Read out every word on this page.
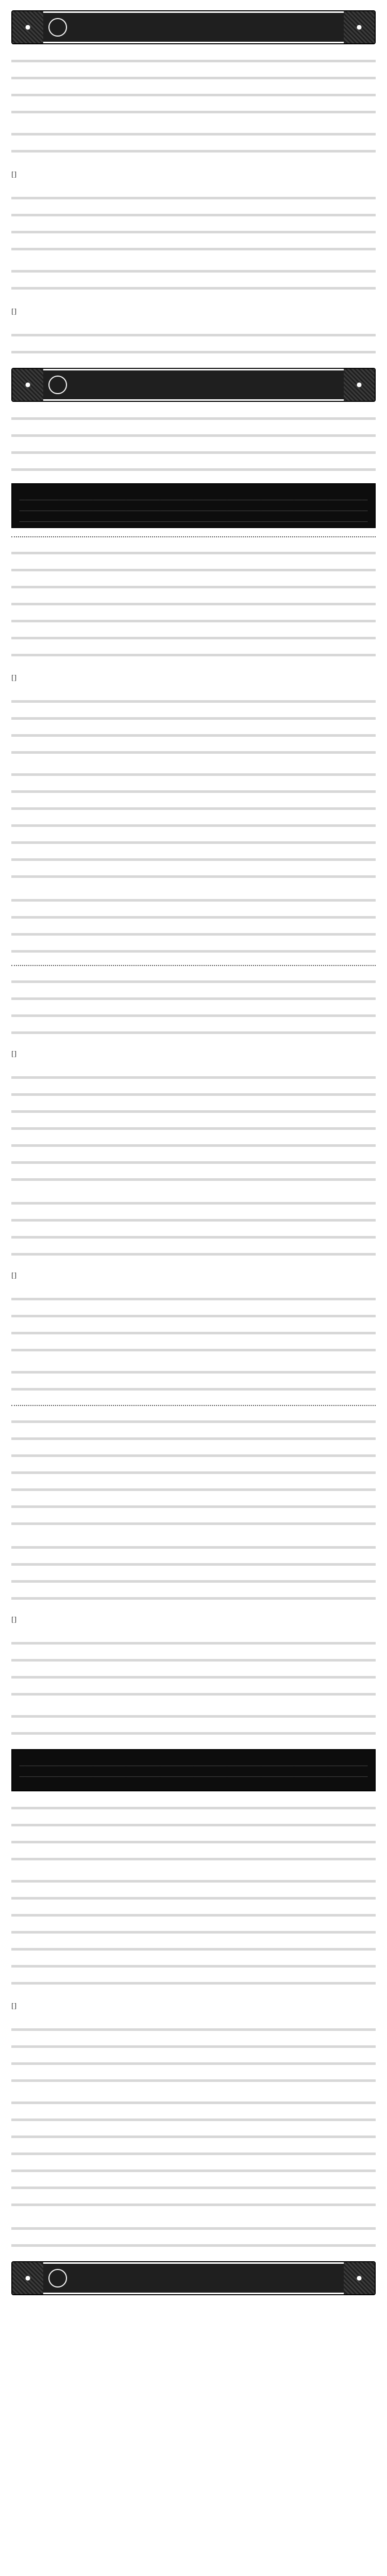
[ ]

[ ]

[ ]

[ ]

[ ]

[ ]

[ ]
